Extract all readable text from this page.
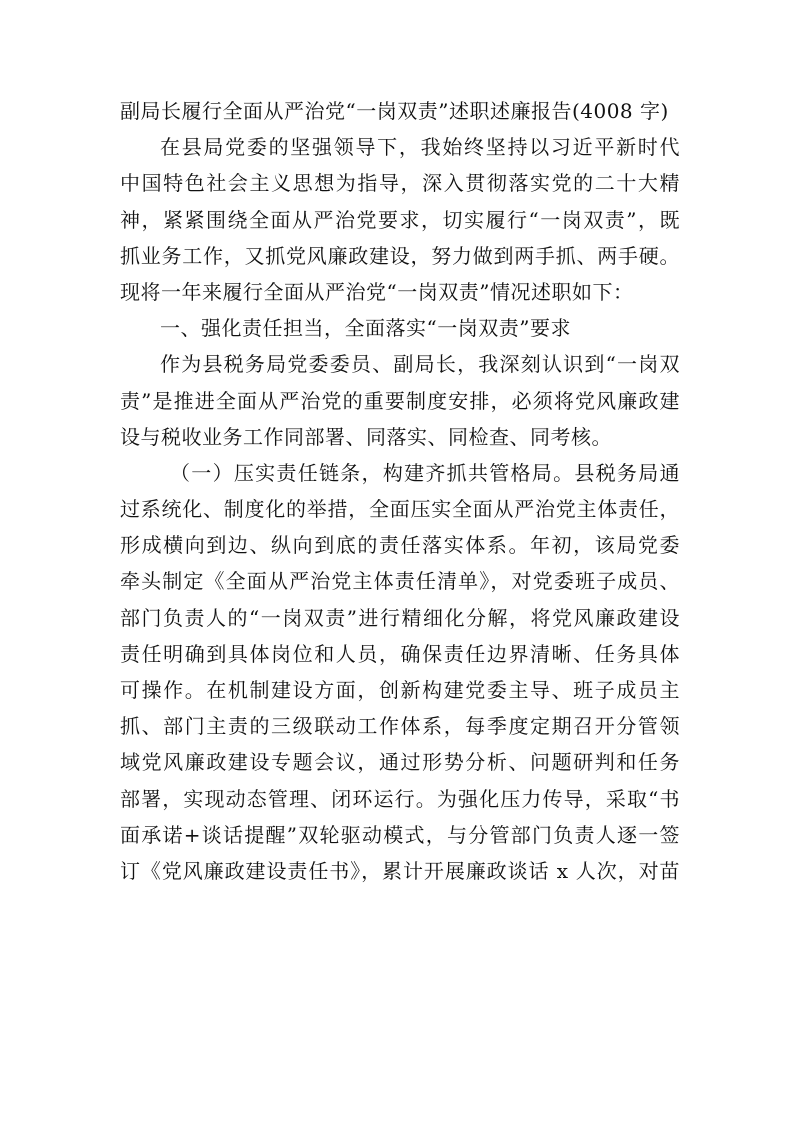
副局长履行全面从严治党“一岗双责”述职述廉报告(4008 字)
在县局党委的坚强领导下，我始终坚持以习近平新时代
中国特色社会主义思想为指导，深入贯彻落实党的二十大精
神，紧紧围绕全面从严治党要求，切实履行“一岗双责”，既
抓业务工作，又抓党风廉政建设，努力做到两手抓、两手硬。
现将一年来履行全面从严治党“一岗双责”情况述职如下：
一、强化责任担当，全面落实“一岗双责”要求
作为县税务局党委委员、副局长，我深刻认识到“一岗双
责”是推进全面从严治党的重要制度安排，必须将党风廉政建
设与税收业务工作同部署、同落实、同检查、同考核。
（一）压实责任链条，构建齐抓共管格局。县税务局通
过系统化、制度化的举措，全面压实全面从严治党主体责任，
形成横向到边、纵向到底的责任落实体系。年初，该局党委
牵头制定《全面从严治党主体责任清单》，对党委班子成员、
部门负责人的“一岗双责”进行精细化分解，将党风廉政建设
责任明确到具体岗位和人员，确保责任边界清晰、任务具体
可操作。在机制建设方面，创新构建党委主导、班子成员主
抓、部门主责的三级联动工作体系，每季度定期召开分管领
域党风廉政建设专题会议，通过形势分析、问题研判和任务
部署，实现动态管理、闭环运行。为强化压力传导，采取“书
面承诺+谈话提醒”双轮驱动模式，与分管部门负责人逐一签
订《党风廉政建设责任书》，累计开展廉政谈话 x 人次，对苗
